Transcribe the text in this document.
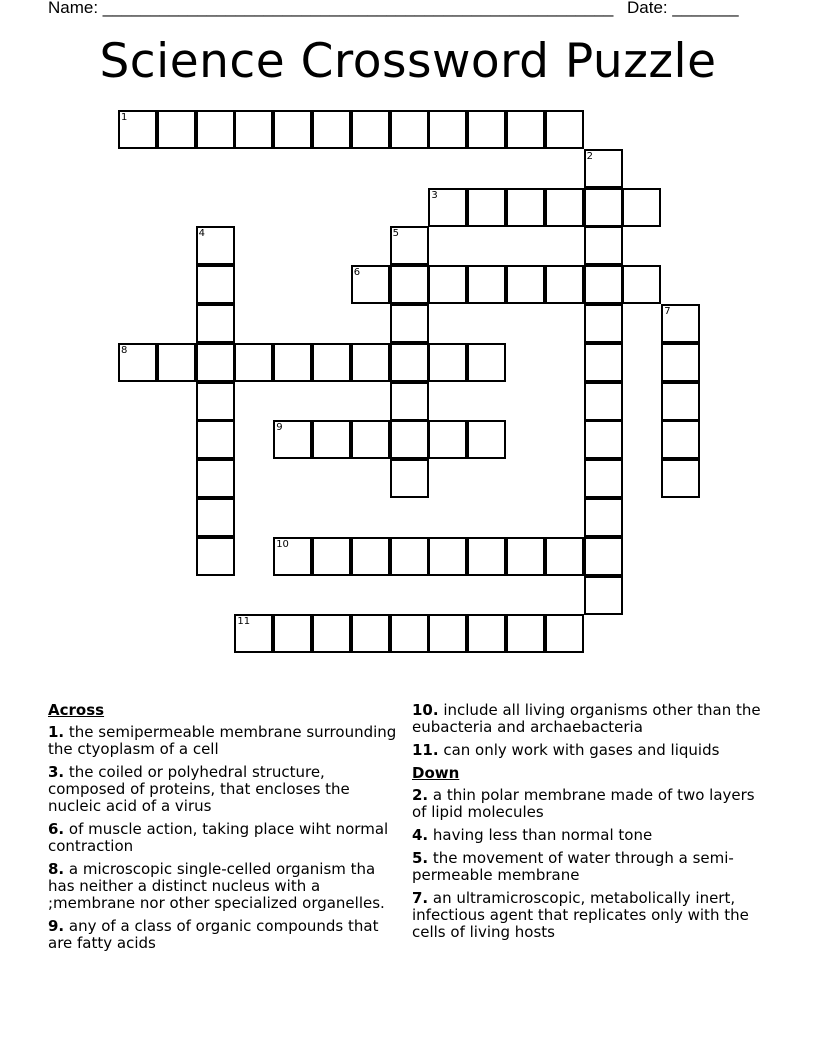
Name: ______________________________________________________ Date: _______
Science Crossword Puzzle
1
2
3
4	5
6
7
8
9
10
11
Across
1. the semipermeable membrane surrounding the ctyoplasm of a cell
3. the coiled or polyhedral structure, composed of proteins, that encloses the nucleic acid of a virus
6. of muscle action, taking place wiht normal contraction
8. a microscopic single-celled organism tha has neither a distinct nucleus with a ;membrane nor other specialized organelles.
9. any of a class of organic compounds that are fatty acids
10. include all living organisms other than the eubacteria and archaebacteria
11. can only work with gases and liquids
Down
2. a thin polar membrane made of two layers of lipid molecules
4. having less than normal tone
5. the movement of water through a semi-permeable membrane
7. an ultramicroscopic, metabolically inert, infectious agent that replicates only with the cells of living hosts
